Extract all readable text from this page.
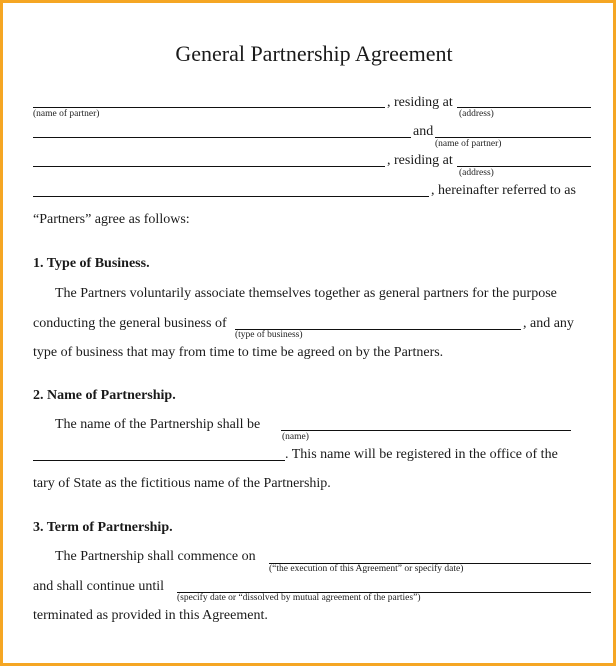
General Partnership Agreement
, residing at
(name of partner)	(address)
and
(name of partner)
, residing at
(address)
, hereinafter referred to as
“Partners” agree as follows:
1. Type of Business.
The Partners voluntarily associate themselves together as general partners for the purpose
conducting the general business of	, and any
(type of business)
type of business that may from time to time be agreed on by the Partners.
2. Name of Partnership.
The name of the Partnership shall be
(name)
. This name will be registered in the office of the
tary of State as the fictitious name of the Partnership.
3. Term of Partnership.
The Partnership shall commence on
(“the execution of this Agreement” or specify date)
and shall continue until
(specify date or “dissolved by mutual agreement of the parties”)
terminated as provided in this Agreement.
